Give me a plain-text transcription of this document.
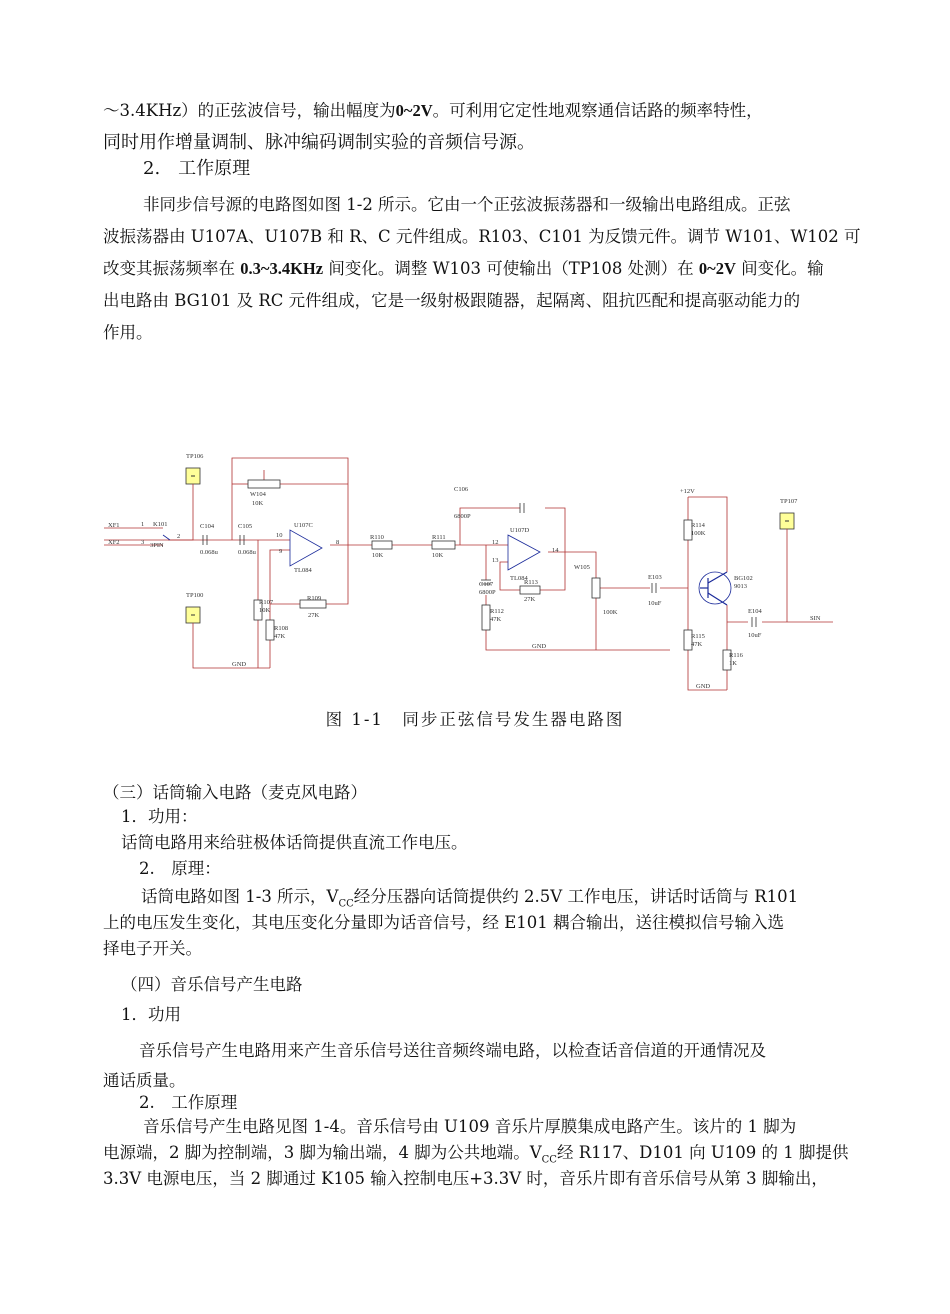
～3.4KHz）的正弦波信号，输出幅度为0~2V。可利用它定性地观察通信话路的频率特性，
同时用作增量调制、脉冲编码调制实验的音频信号源。
2.　工作原理
非同步信号源的电路图如图 1-2 所示。它由一个正弦波振荡器和一级输出电路组成。正弦
波振荡器由 U107A、U107B 和 R、C 元件组成。R103、C101 为反馈元件。调节 W101、W102 可
改变其振荡频率在 0.3~3.4KHz 间变化。调整 W103 可使输出（TP108 处测）在 0~2V 间变化。输
出电路由 BG101 及 RC 元件组成，它是一级射极跟随器，起隔离、阻抗匹配和提高驱动能力的
作用。
TP106
TP100
TP107
W104
10K
C104
0.068u
C105
0.068u
U107C
TL084
10
9
8
R107
10K
R108
47K
R109
27K
R110
10K
R111
10K
C106
6800P
U107D
TL084
12
13
14
C107
6800P
R112
47K
R113
27K
W105
100K
+12V
R114
100K
E103
10uF
BG102
9013
R115
47K
R116
1K
E104
10uF
SIN
GND
GND
GND
XF1
XF2
K101
3PIN
1
2
3
图 1-1　同步正弦信号发生器电路图
（三）话筒输入电路（麦克风电路）
1．功用：
话筒电路用来给驻极体话筒提供直流工作电压。
2.　原理：
话筒电路如图 1-3 所示，$V_{CC}$经分压器向话筒提供约 2.5V 工作电压，讲话时话筒与 R101
上的电压发生变化，其电压变化分量即为话音信号，经 E101 耦合输出，送往模拟信号输入选
择电子开关。
（四）音乐信号产生电路
1．功用
音乐信号产生电路用来产生音乐信号送往音频终端电路，以检查话音信道的开通情况及
通话质量。
2.　工作原理
音乐信号产生电路见图 1-4。音乐信号由 U109 音乐片厚膜集成电路产生。该片的 1 脚为
电源端，2 脚为控制端，3 脚为输出端，4 脚为公共地端。$V_{CC}$经 R117、D101 向 U109 的 1 脚提供
3.3V 电源电压，当 2 脚通过 K105 输入控制电压+3.3V 时，音乐片即有音乐信号从第 3 脚输出，
